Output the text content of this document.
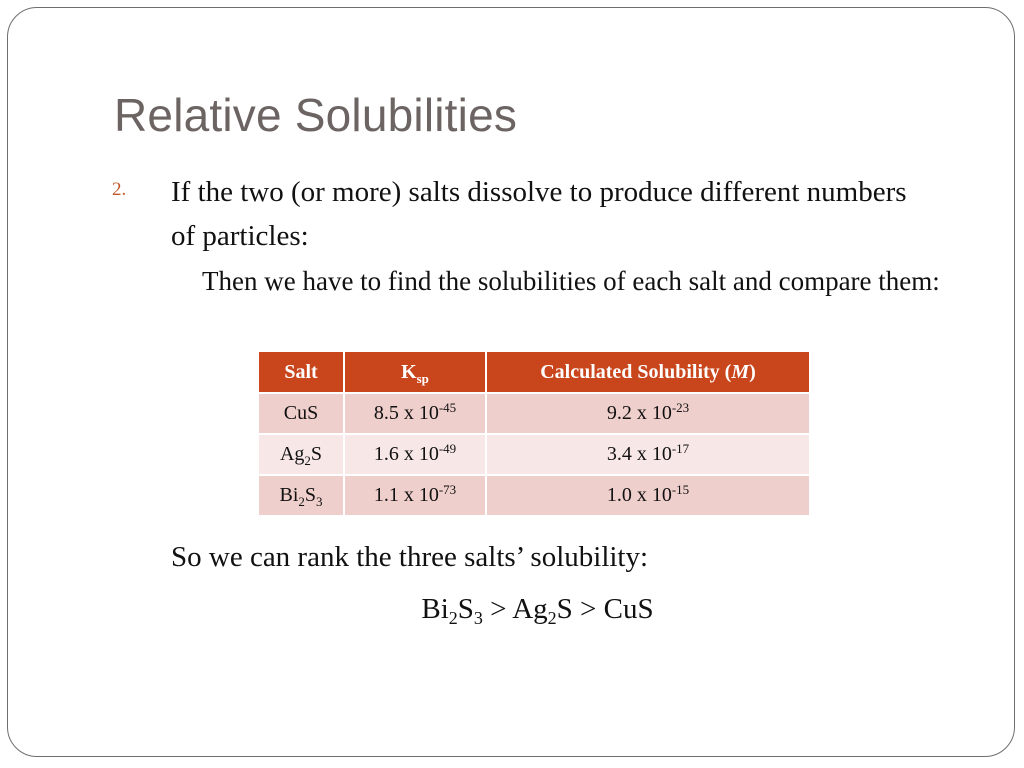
Relative Solubilities
2. If the two (or more) salts dissolve to produce different numbers of particles:
Then we have to find the solubilities of each salt and compare them:
Salt	$K_{sp}$	Calculated Solubility (M)
CuS	8.5 x $10^{-45}$	9.2 x $10^{-23}$
$Ag_2S$	1.6 x $10^{-49}$	3.4 x $10^{-17}$
$Bi_2S_3$	1.1 x $10^{-73}$	1.0 x $10^{-15}$
So we can rank the three salts’ solubility:
$Bi_2S_3 > Ag_2S$ > CuS
